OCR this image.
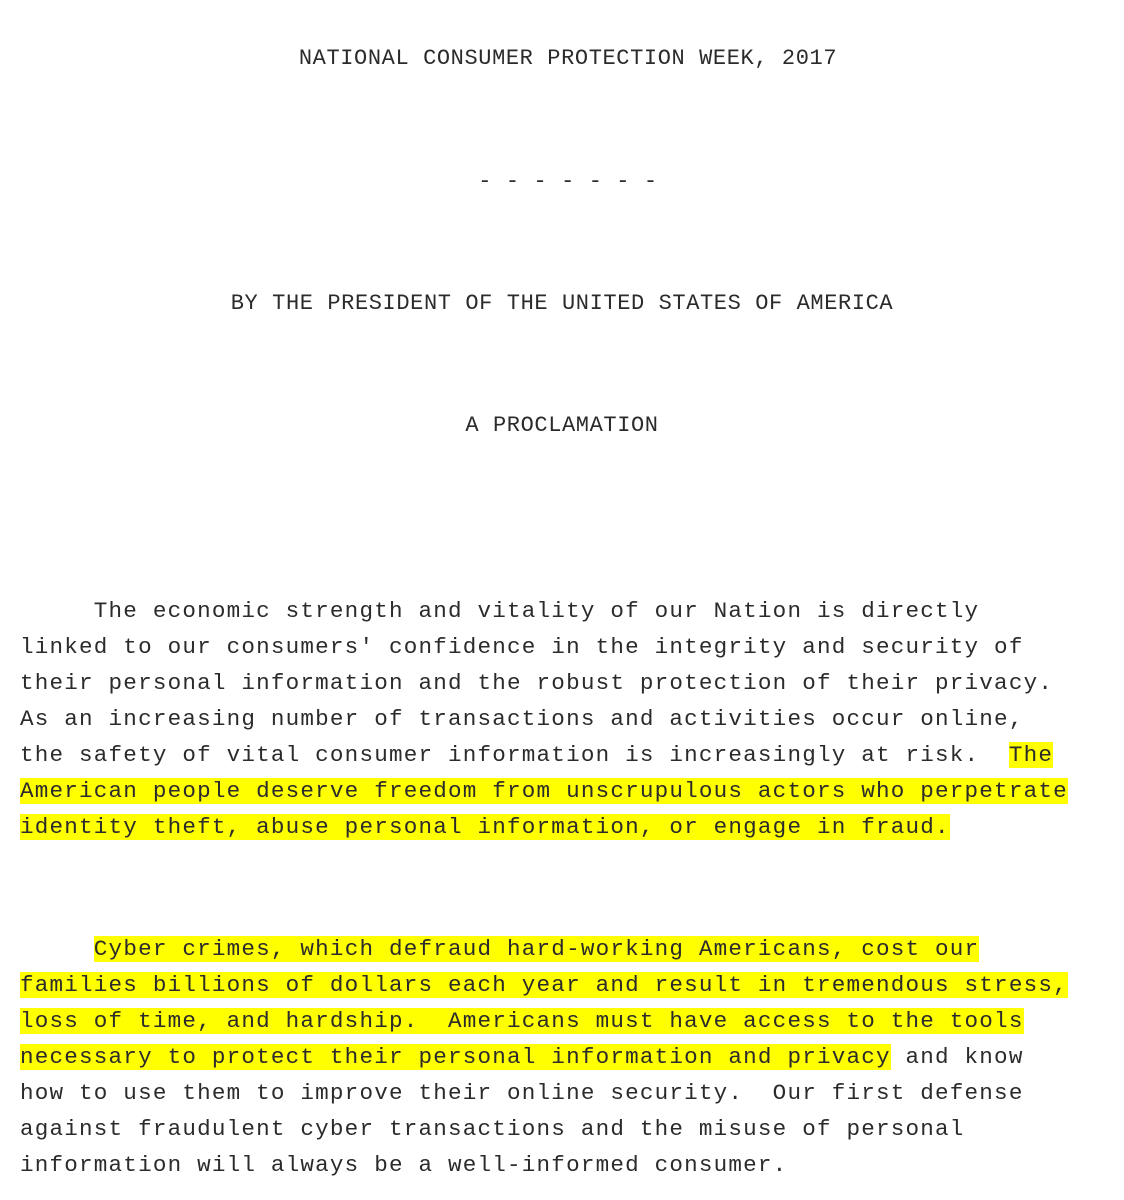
NATIONAL CONSUMER PROTECTION WEEK, 2017
- - - - - - -
BY THE PRESIDENT OF THE UNITED STATES OF AMERICA
A PROCLAMATION
The economic strength and vitality of our Nation is directly
linked to our consumers' confidence in the integrity and security of
their personal information and the robust protection of their privacy.
As an increasing number of transactions and activities occur online,
the safety of vital consumer information is increasingly at risk.  The
American people deserve freedom from unscrupulous actors who perpetrate
identity theft, abuse personal information, or engage in fraud.
Cyber crimes, which defraud hard-working Americans, cost our
families billions of dollars each year and result in tremendous stress,
loss of time, and hardship.  Americans must have access to the tools
necessary to protect their personal information and privacy and know
how to use them to improve their online security.  Our first defense
against fraudulent cyber transactions and the misuse of personal
information will always be a well-informed consumer.
